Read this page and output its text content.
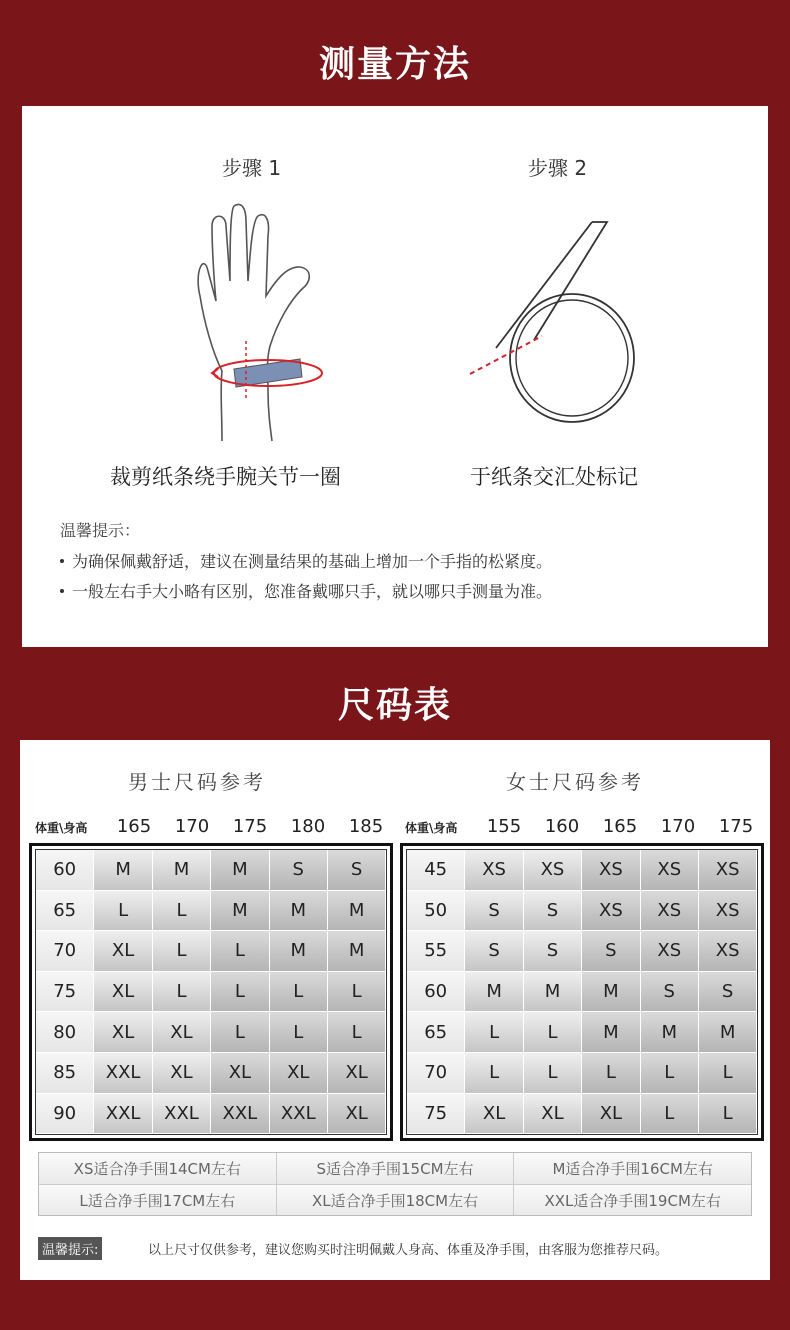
测量方法
步骤 1	步骤 2
裁剪纸条绕手腕关节一圈	于纸条交汇处标记
温馨提示：
为确保佩戴舒适，建议在测量结果的基础上增加一个手指的松紧度。
一般左右手大小略有区别，您准备戴哪只手，就以哪只手测量为准。
尺码表
男士尺码参考	女士尺码参考
体重\身高 165 170 175 180 185	体重\身高 155 160 165 170 175
60	M	M	M	S	S
65	L	L	M	M	M
70	XL	L	L	M	M
75	XL	L	L	L	L
80	XL	XL	L	L	L
85	XXL	XL	XL	XL	XL
90	XXL	XXL	XXL	XXL	XL
45	XS	XS	XS	XS	XS
50	S	S	XS	XS	XS
55	S	S	S	XS	XS
60	M	M	M	S	S
65	L	L	M	M	M
70	L	L	L	L	L
75	XL	XL	XL	L	L
XS适合净手围14CM左右	S适合净手围15CM左右	M适合净手围16CM左右
L适合净手围17CM左右	XL适合净手围18CM左右	XXL适合净手围19CM左右
温馨提示:	以上尺寸仅供参考，建议您购买时注明佩戴人身高、体重及净手围，由客服为您推荐尺码。
